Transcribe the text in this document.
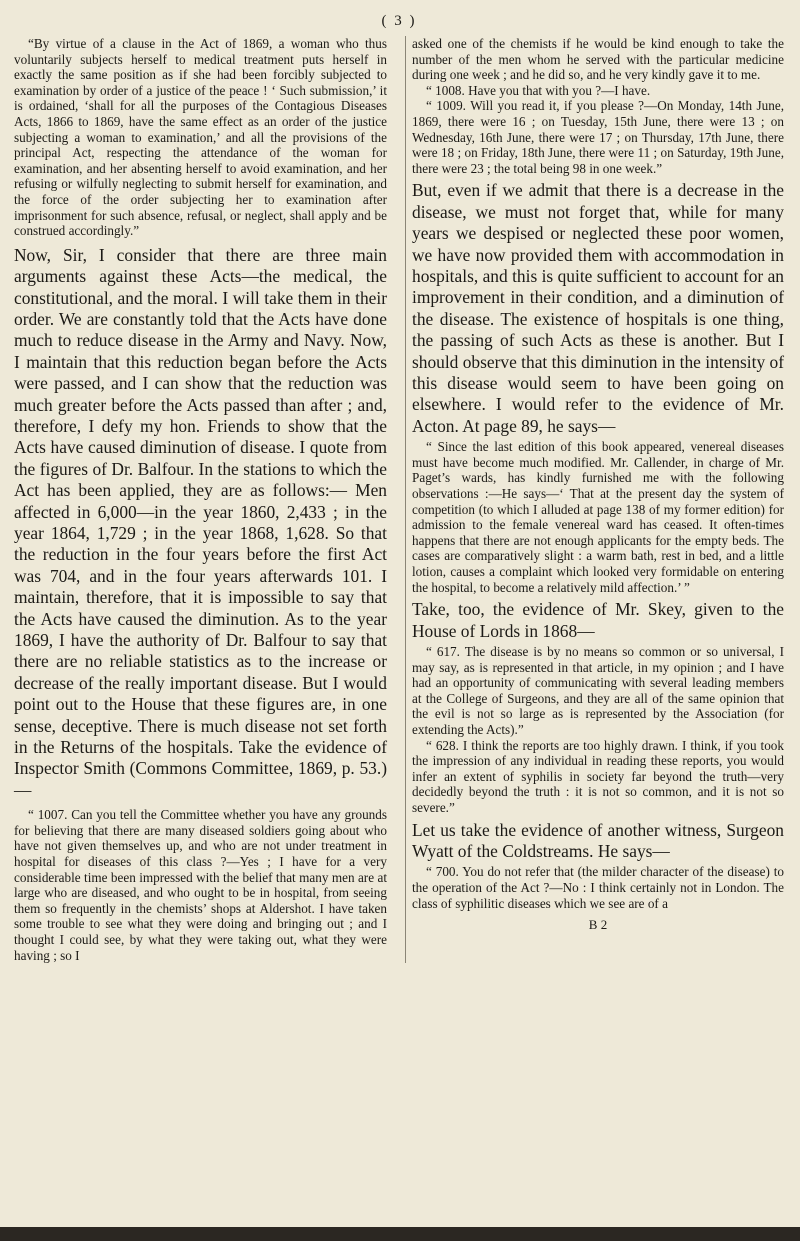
( 3 )

“By virtue of a clause in the Act of 1869, a woman who thus voluntarily subjects herself to medical treatment puts herself in exactly the same position as if she had been forcibly subjected to examination by order of a justice of the peace ! ‘ Such submission,’ it is ordained, ‘shall for all the purposes of the Contagious Diseases Acts, 1866 to 1869, have the same effect as an order of the justice subjecting a woman to examination,’ and all the provisions of the principal Act, respecting the attendance of the woman for examination, and her absenting herself to avoid examination, and her refusing or wilfully neglecting to submit herself for examination, and the force of the order subjecting her to examination after imprisonment for such absence, refusal, or neglect, shall apply and be construed accordingly.”

Now, Sir, I consider that there are three main arguments against these Acts—the medical, the constitutional, and the moral. I will take them in their order. We are constantly told that the Acts have done much to reduce disease in the Army and Navy. Now, I maintain that this reduction began before the Acts were passed, and I can show that the reduction was much greater before the Acts passed than after ; and, therefore, I defy my hon. Friends to show that the Acts have caused diminution of disease. I quote from the figures of Dr. Balfour. In the stations to which the Act has been applied, they are as follows:— Men affected in 6,000—in the year 1860, 2,433 ; in the year 1864, 1,729 ; in the year 1868, 1,628. So that the reduction in the four years before the first Act was 704, and in the four years afterwards 101. I maintain, therefore, that it is impossible to say that the Acts have caused the diminution. As to the year 1869, I have the authority of Dr. Balfour to say that there are no reliable statistics as to the increase or decrease of the really important disease. But I would point out to the House that these figures are, in one sense, deceptive. There is much disease not set forth in the Returns of the hospitals. Take the evidence of Inspector Smith (Commons Committee, 1869, p. 53.)—

“ 1007. Can you tell the Committee whether you have any grounds for believing that there are many diseased soldiers going about who have not given themselves up, and who are not under treatment in hospital for diseases of this class ?—Yes ; I have for a very considerable time been impressed with the belief that many men are at large who are diseased, and who ought to be in hospital, from seeing them so frequently in the chemists’ shops at Aldershot. I have taken some trouble to see what they were doing and bringing out ; and I thought I could see, by what they were taking out, what they were having ; so I

asked one of the chemists if he would be kind enough to take the number of the men whom he served with the particular medicine during one week ; and he did so, and he very kindly gave it to me.

“ 1008. Have you that with you ?—I have.

“ 1009. Will you read it, if you please ?—On Monday, 14th June, 1869, there were 16 ; on Tuesday, 15th June, there were 13 ; on Wednesday, 16th June, there were 17 ; on Thursday, 17th June, there were 18 ; on Friday, 18th June, there were 11 ; on Saturday, 19th June, there were 23 ; the total being 98 in one week.”

But, even if we admit that there is a decrease in the disease, we must not forget that, while for many years we despised or neglected these poor women, we have now provided them with accommodation in hospitals, and this is quite sufficient to account for an improvement in their condition, and a diminution of the disease. The existence of hospitals is one thing, the passing of such Acts as these is another. But I should observe that this diminution in the intensity of this disease would seem to have been going on elsewhere. I would refer to the evidence of Mr. Acton. At page 89, he says—

“ Since the last edition of this book appeared, venereal diseases must have become much modified. Mr. Callender, in charge of Mr. Paget’s wards, has kindly furnished me with the following observations :—He says—‘ That at the present day the system of competition (to which I alluded at page 138 of my former edition) for admission to the female venereal ward has ceased. It often-times happens that there are not enough applicants for the empty beds. The cases are comparatively slight : a warm bath, rest in bed, and a little lotion, causes a complaint which looked very formidable on entering the hospital, to become a relatively mild affection.’ ”

Take, too, the evidence of Mr. Skey, given to the House of Lords in 1868—

“ 617. The disease is by no means so common or so universal, I may say, as is represented in that article, in my opinion ; and I have had an opportunity of communicating with several leading members at the College of Surgeons, and they are all of the same opinion that the evil is not so large as is represented by the Association (for extending the Acts).”

“ 628. I think the reports are too highly drawn. I think, if you took the impression of any individual in reading these reports, you would infer an extent of syphilis in society far beyond the truth—very decidedly beyond the truth : it is not so common, and it is not so severe.”

Let us take the evidence of another witness, Surgeon Wyatt of the Coldstreams. He says—

“ 700. You do not refer that (the milder character of the disease) to the operation of the Act ?—No : I think certainly not in London. The class of syphilitic diseases which we see are of a

B 2
